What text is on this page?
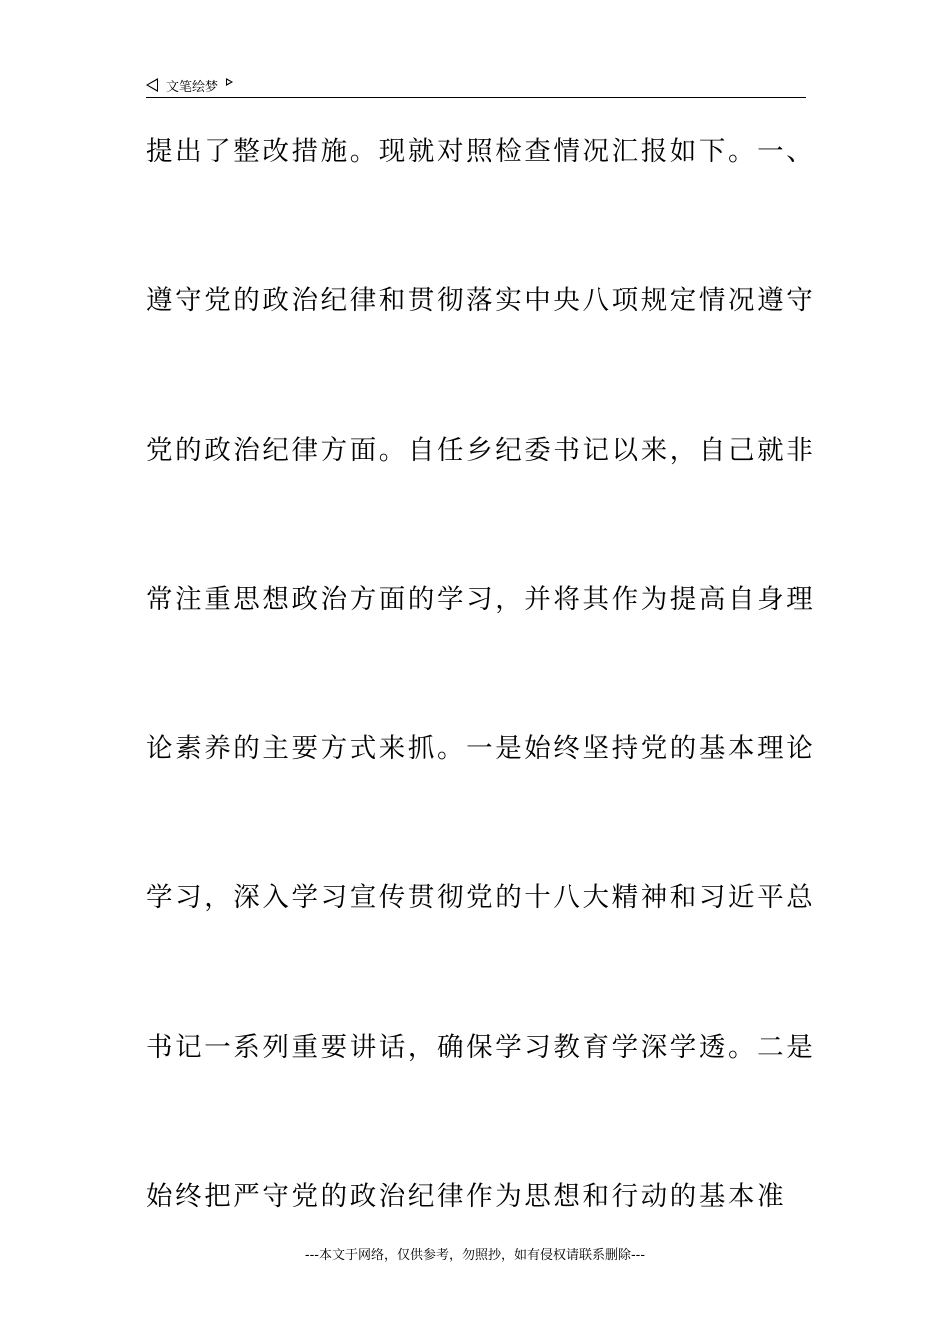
文笔绘梦
提出了整改措施。现就对照检查情况汇报如下。一、
遵守党的政治纪律和贯彻落实中央八项规定情况遵守
党的政治纪律方面。自任乡纪委书记以来，自己就非
常注重思想政治方面的学习，并将其作为提高自身理
论素养的主要方式来抓。一是始终坚持党的基本理论
学习，深入学习宣传贯彻党的十八大精神和习近平总
书记一系列重要讲话，确保学习教育学深学透。二是
始终把严守党的政治纪律作为思想和行动的基本准
---本文于网络，仅供参考，勿照抄，如有侵权请联系删除---
